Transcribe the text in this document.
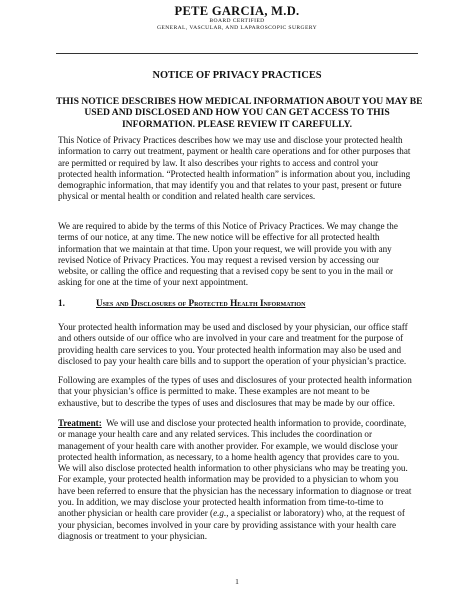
PETE GARCIA, M.D.
BOARD CERTIFIED
GENERAL, VASCULAR, AND LAPAROSCOPIC SURGERY
NOTICE OF PRIVACY PRACTICES
THIS NOTICE DESCRIBES HOW MEDICAL INFORMATION ABOUT YOU MAY BE
USED AND DISCLOSED AND HOW YOU CAN GET ACCESS TO THIS
INFORMATION. PLEASE REVIEW IT CAREFULLY.
This Notice of Privacy Practices describes how we may use and disclose your protected health
information to carry out treatment, payment or health care operations and for other purposes that
are permitted or required by law. It also describes your rights to access and control your
protected health information. “Protected health information” is information about you, including
demographic information, that may identify you and that relates to your past, present or future
physical or mental health or condition and related health care services.
We are required to abide by the terms of this Notice of Privacy Practices. We may change the
terms of our notice, at any time. The new notice will be effective for all protected health
information that we maintain at that time. Upon your request, we will provide you with any
revised Notice of Privacy Practices. You may request a revised version by accessing our
website, or calling the office and requesting that a revised copy be sent to you in the mail or
asking for one at the time of your next appointment.
1.	Uses and Disclosures of Protected Health Information
Your protected health information may be used and disclosed by your physician, our office staff
and others outside of our office who are involved in your care and treatment for the purpose of
providing health care services to you. Your protected health information may also be used and
disclosed to pay your health care bills and to support the operation of your physician’s practice.
Following are examples of the types of uses and disclosures of your protected health information
that your physician’s office is permitted to make. These examples are not meant to be
exhaustive, but to describe the types of uses and disclosures that may be made by our office.
Treatment:  We will use and disclose your protected health information to provide, coordinate,
or manage your health care and any related services. This includes the coordination or
management of your health care with another provider. For example, we would disclose your
protected health information, as necessary, to a home health agency that provides care to you.
We will also disclose protected health information to other physicians who may be treating you.
For example, your protected health information may be provided to a physician to whom you
have been referred to ensure that the physician has the necessary information to diagnose or treat
you. In addition, we may disclose your protected health information from time-to-time to
another physician or health care provider (e.g., a specialist or laboratory) who, at the request of
your physician, becomes involved in your care by providing assistance with your health care
diagnosis or treatment to your physician.
1
